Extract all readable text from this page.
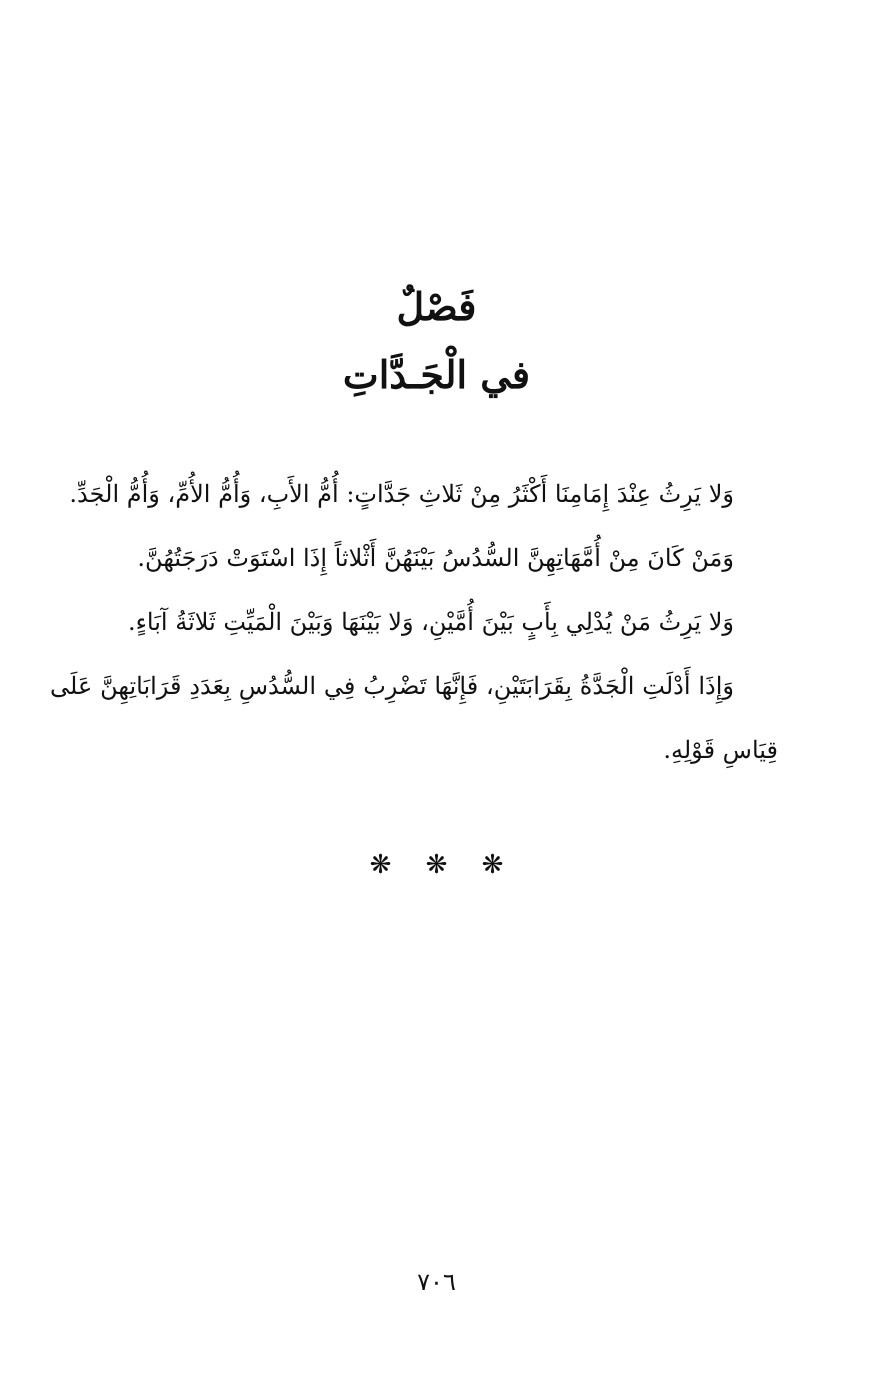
فَصْلٌ
في الْجَـدَّاتِ

وَلا يَرِثُ عِنْدَ إِمَامِنَا أَكْثَرُ مِنْ ثَلاثِ جَدَّاتٍ: أُمُّ الأَبِ، وَأُمُّ الأُمِّ، وَأُمُّ الْجَدِّ.

وَمَنْ كَانَ مِنْ أُمَّهَاتِهِنَّ السُّدُسُ بَيْنَهُنَّ أَثْلاثاً إِذَا اسْتَوَتْ دَرَجَتُهُنَّ.

وَلا يَرِثُ مَنْ يُدْلِي بِأَبٍ بَيْنَ أُمَّيْنِ، وَلا بَيْنَهَا وَبَيْنَ الْمَيِّتِ ثَلاثَةُ آبَاءٍ.

وَإِذَا أَدْلَتِ الْجَدَّةُ بِقَرَابَتَيْنِ، فَإِنَّهَا تَضْرِبُ فِي السُّدُسِ بِعَدَدِ قَرَابَاتِهِنَّ عَلَى قِيَاسِ قَوْلِهِ.

❋ ❋ ❋
٧٠٦
